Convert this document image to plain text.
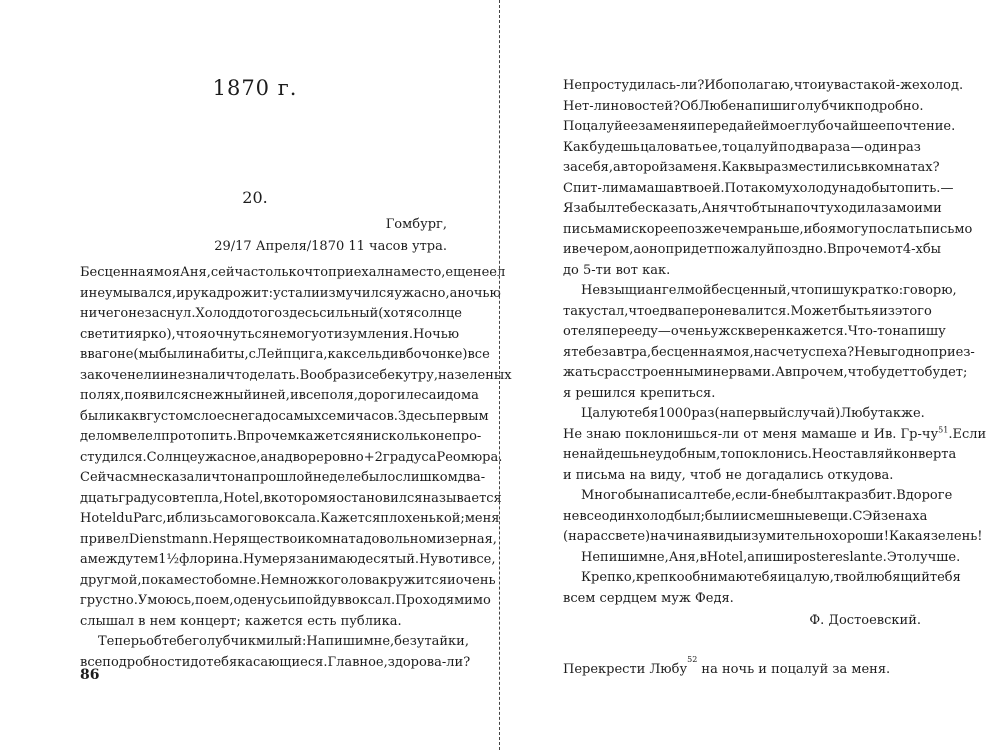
1870 г.
20.
Гомбург,
29/17 Апреля/1870 11 часов утра.
Бесценная моя Аня, сейчас только что приехал на место, еще не ел
и не умывался, и рука дрожит: устал и измучился ужасно, а ночью
ничего не заснул. Холод до того здесь сильный (хотя солнце
светит и ярко), что я очнуться не могу от изумления. Ночью
в вагоне (мы были набиты, с Лейпцига, как сельди в бочонке) все
закоченели и не знали что делать. Вообрази себе к утру, на зеленых
полях, появился снежный иней, и все поля, дороги леса и дома
были как в густом слое снега до самых семи часов. Здесь первым
делом велел протопить. Впрочем кажется я нисколько не про-
студился. Солнце ужасное, а на дворе ровно +2 градуса Реомюра.
Сейчас мне сказали что на прошлой неделе было слишком два-
дцать градусов тепла, Hotel, в котором я остановился называется
Hotel du Parc, и близь самого воксала. Кажется плохенькой; меня
привел Dienstmann. Нерящество и комната довольно мизерная,
а между тем 1½ флорина. Нумер я занимаю десятый. Ну вот и все,
друг мой, покамест обо мне. Немножко голова кружится и очень
грустно. Умоюсь, поем, оденусь и пойду в воксал. Проходя мимо
слышал в нем концерт; кажется есть публика.
Теперь об тебе голубчик милый: Напиши мне, без утайки,
все подробности до тебя касающиеся. Главное, здорова-ли?
86
Не простудилась-ли? Ибо полагаю, что и у вас такой-же холод.
Нет-ли новостей? Об Любе напиши голубчик подробно.
Поцалуй ее за меня и передай ей мое глубочайшее почтение.
Как будешь цаловать ее, то цалуй по два раза — один раз
за себя, а второй за меня. Как вы разместились в комнатах?
Спит-ли мамаша в твоей. По такому холоду надо бы топить. —
Я забыл тебе сказать, Аня чтоб ты на почту ходила за моими
письмами скорее позже чем раньше, ибо я могу послать письмо
и вечером, а оно придет пожалуй поздно. Впрочем от 4-х бы
до 5-ти вот как.
Не взыщи ангел мой бесценный, что пишу кратко: говорю,
так устал, что едва перо не валится. Может быть я из этого
отеля перееду — очень уж скверен кажется. Что-то напишу
я тебе завтра, бесценная моя, насчет успеха? Невыгодно приез-
жать с расстроенными нервами. А впрочем, что будет то будет;
я решился крепиться.
Цалую тебя 1000 раз (на первый случай) Любу также.
Не знаю поклонишься-ли от меня мамаше и Ив. $Гр-чу^{51}$. Если
не найдешь не удобным, то поклонись. Не оставляй конверта
и письма на виду, чтоб не догадались откудова.
Много бы написал тебе, если-б не был так разбит. В дороге
не все один холод был; были и смешные вещи. С Эйзенаха
(на рассвете) начиная виды изумительно хороши! Какая зелень!
Не пиши мне, Аня, в Hotel, а пиши poste reslante. Это лучше.
Крепко, крепко обнимаю тебя и цалую, твой любящий тебя
всем сердцем муж Федя.
Ф. Достоевский.
Перекрести Любу
52
на ночь и поцалуй за меня.
